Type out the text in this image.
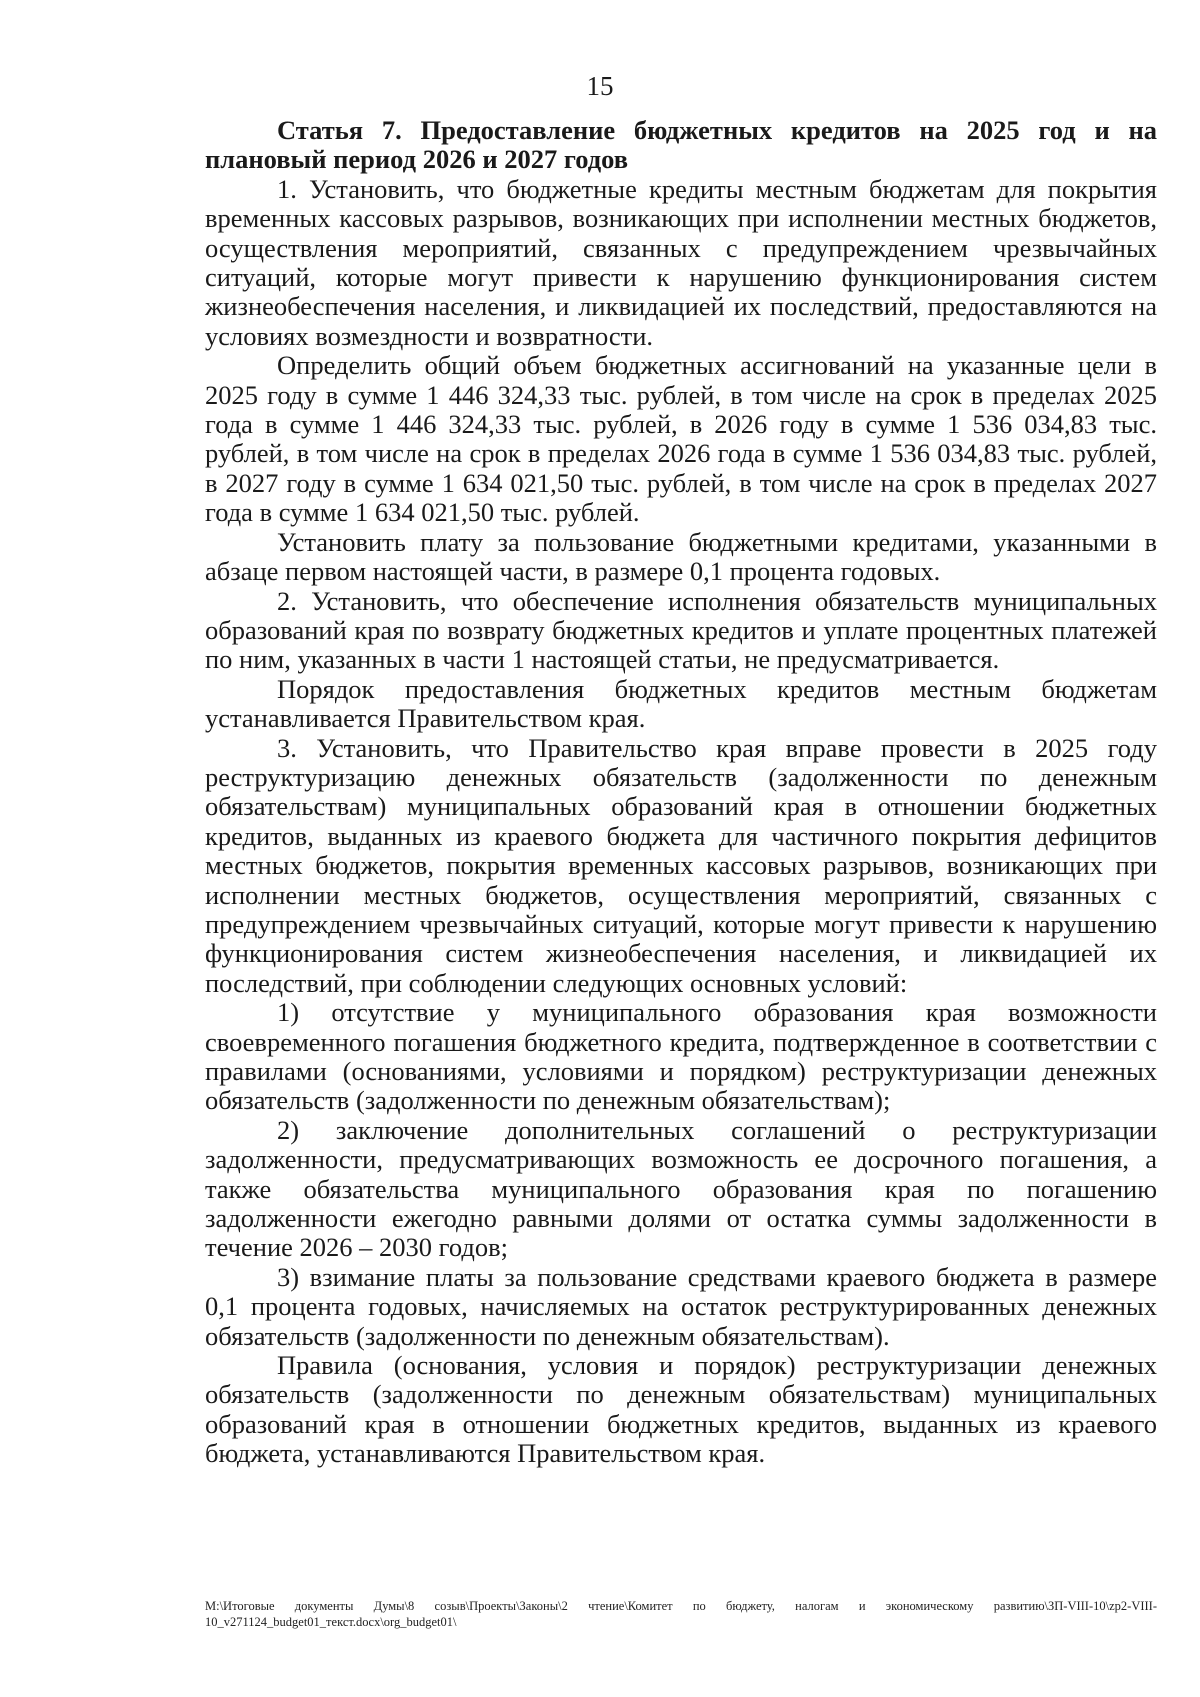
15

Статья 7. Предоставление бюджетных кредитов на 2025 год и на плановый период 2026 и 2027 годов

1. Установить, что бюджетные кредиты местным бюджетам для покрытия временных кассовых разрывов, возникающих при исполнении местных бюджетов, осуществления мероприятий, связанных с предупреждением чрезвычайных ситуаций, которые могут привести к нарушению функционирования систем жизнеобеспечения населения, и ликвидацией их последствий, предоставляются на условиях возмездности и возвратности.

Определить общий объем бюджетных ассигнований на указанные цели в 2025 году в сумме 1 446 324,33 тыс. рублей, в том числе на срок в пределах 2025 года в сумме 1 446 324,33 тыс. рублей, в 2026 году в сумме 1 536 034,83 тыс. рублей, в том числе на срок в пределах 2026 года в сумме 1 536 034,83 тыс. рублей, в 2027 году в сумме 1 634 021,50 тыс. рублей, в том числе на срок в пределах 2027 года в сумме 1 634 021,50 тыс. рублей.

Установить плату за пользование бюджетными кредитами, указанными в абзаце первом настоящей части, в размере 0,1 процента годовых.

2. Установить, что обеспечение исполнения обязательств муниципальных образований края по возврату бюджетных кредитов и уплате процентных платежей по ним, указанных в части 1 настоящей статьи, не предусматривается.

Порядок предоставления бюджетных кредитов местным бюджетам устанавливается Правительством края.

3. Установить, что Правительство края вправе провести в 2025 году реструктуризацию денежных обязательств (задолженности по денежным обязательствам) муниципальных образований края в отношении бюджетных кредитов, выданных из краевого бюджета для частичного покрытия дефицитов местных бюджетов, покрытия временных кассовых разрывов, возникающих при исполнении местных бюджетов, осуществления мероприятий, связанных с предупреждением чрезвычайных ситуаций, которые могут привести к нарушению функционирования систем жизнеобеспечения населения, и ликвидацией их последствий, при соблюдении следующих основных условий:

1) отсутствие у муниципального образования края возможности своевременного погашения бюджетного кредита, подтвержденное в соответствии с правилами (основаниями, условиями и порядком) реструктуризации денежных обязательств (задолженности по денежным обязательствам);

2) заключение дополнительных соглашений о реструктуризации задолженности, предусматривающих возможность ее досрочного погашения, а также обязательства муниципального образования края по погашению задолженности ежегодно равными долями от остатка суммы задолженности в течение 2026 – 2030 годов;

3) взимание платы за пользование средствами краевого бюджета в размере 0,1 процента годовых, начисляемых на остаток реструктурированных денежных обязательств (задолженности по денежным обязательствам).

Правила (основания, условия и порядок) реструктуризации денежных обязательств (задолженности по денежным обязательствам) муниципальных образований края в отношении бюджетных кредитов, выданных из краевого бюджета, устанавливаются Правительством края.

M:\Итоговые документы Думы\8 созыв\Проекты\Законы\2 чтение\Комитет по бюджету, налогам и экономическому развитию\ЗП-VIII-10\zp2-VIII-10_v271124_budget01_текст.docx\org_budget01\
